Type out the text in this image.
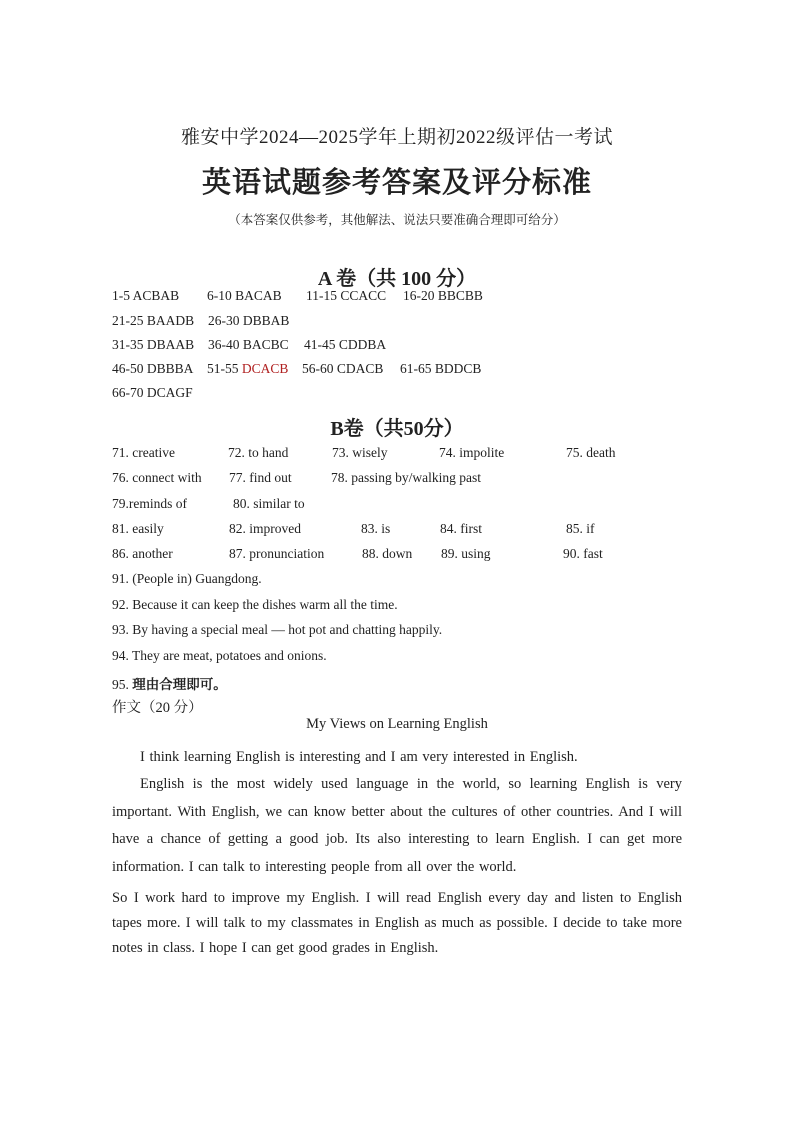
雅安中学2024—2025学年上期初2022级评估一考试
英语试题参考答案及评分标准
（本答案仅供参考，其他解法、说法只要准确合理即可给分）
A 卷（共 100 分）
1-5 ACBAB 6-10 BACAB 11-15 CCACC 16-20 BBCBB
21-25 BAADB 26-30 DBBAB
31-35 DBAAB 36-40 BACBC 41-45 CDDBA
46-50 DBBBA 51-55 DCACB 56-60 CDACB 61-65 BDDCB
66-70 DCAGF
B卷（共50分）
71. creative	72. to hand	73. wisely	74. impolite	75. death
76. connect with 77. find out	78. passing by/walking past
79.reminds of	80. similar to
81. easily	82. improved	83. is	84. first	85. if
86. another	87. pronunciation	88. down 89. using	90. fast
91. (People in) Guangdong.
92. Because it can keep the dishes warm all the time.
93. By having a special meal — hot pot and chatting happily.
94. They are meat, potatoes and onions.
95. 理由合理即可。
作文（20 分）
My Views on Learning English
I think learning English is interesting and I am very interested in English.
English is the most widely used language in the world, so learning English is very important. With English, we can know better about the cultures of other countries. And I will have a chance of getting a good job. Its also interesting to learn English. I can get more information. I can talk to interesting people from all over the world.
So I work hard to improve my English. I will read English every day and listen to English tapes more. I will talk to my classmates in English as much as possible. I decide to take more notes in class. I hope I can get good grades in English.
